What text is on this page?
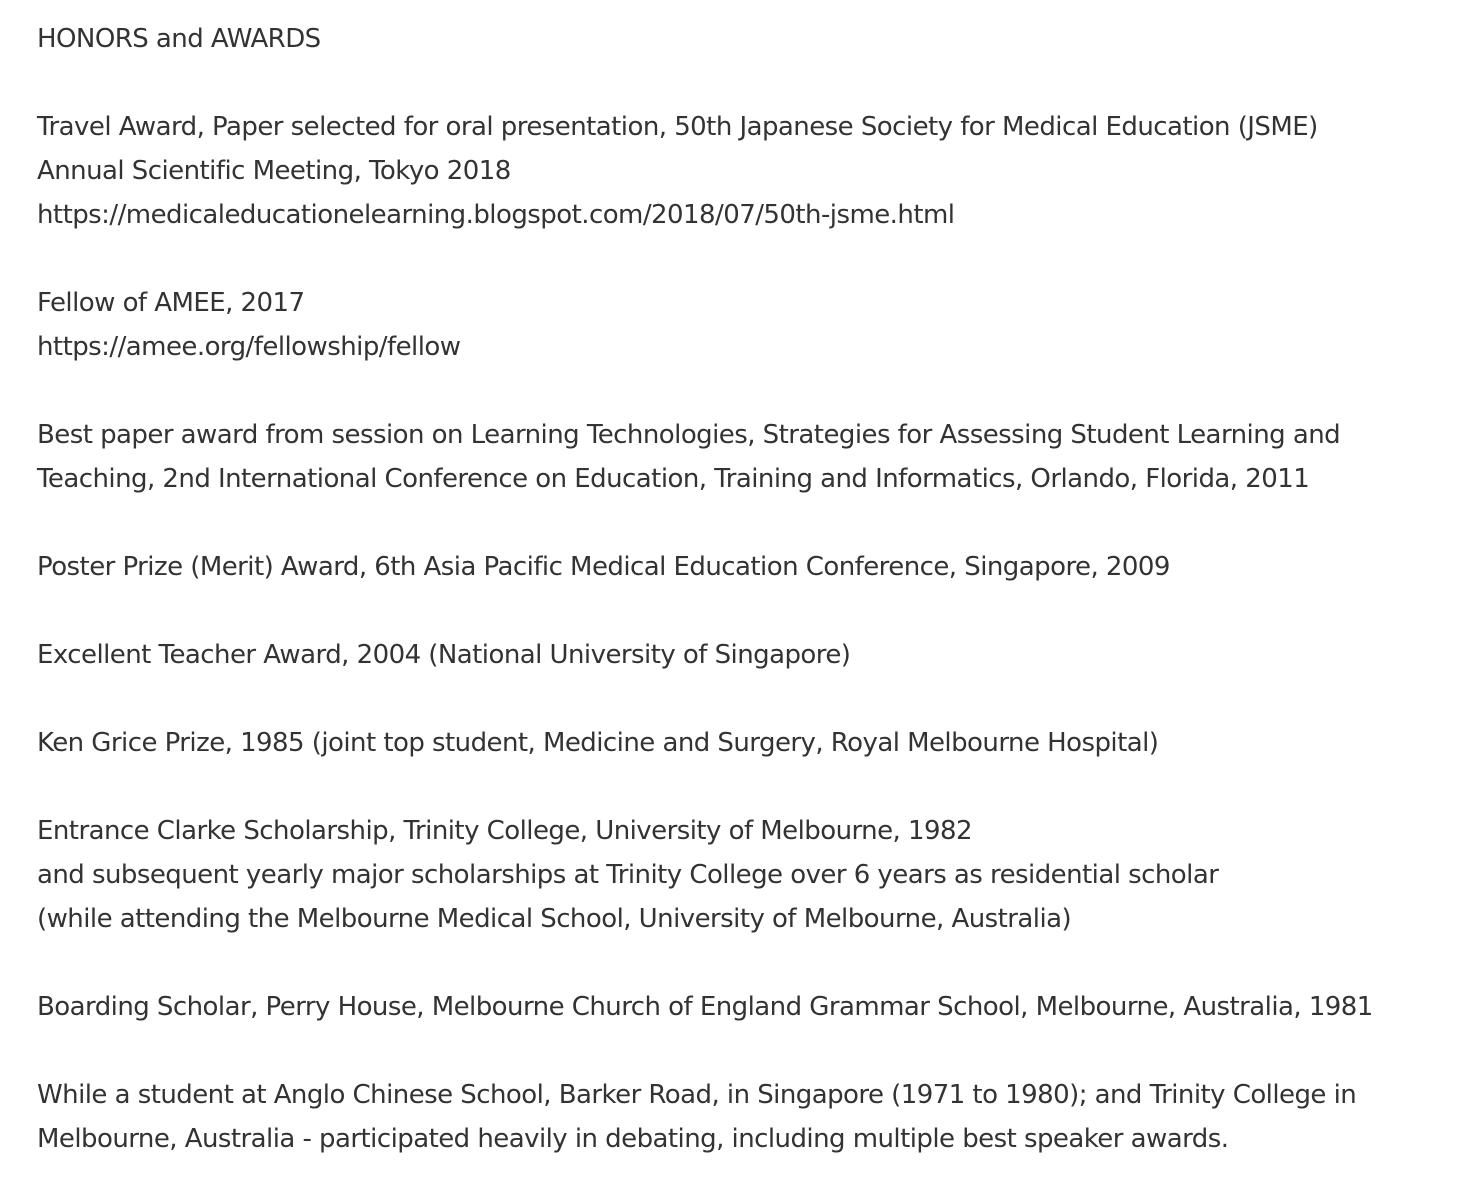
HONORS and AWARDS
Travel Award, Paper selected for oral presentation, 50th Japanese Society for Medical Education (JSME)
Annual Scientific Meeting, Tokyo 2018
https://medicaleducationelearning.blogspot.com/2018/07/50th-jsme.html
Fellow of AMEE, 2017
https://amee.org/fellowship/fellow
Best paper award from session on Learning Technologies, Strategies for Assessing Student Learning and
Teaching, 2nd International Conference on Education, Training and Informatics, Orlando, Florida, 2011
Poster Prize (Merit) Award, 6th Asia Pacific Medical Education Conference, Singapore, 2009
Excellent Teacher Award, 2004 (National University of Singapore)
Ken Grice Prize, 1985 (joint top student, Medicine and Surgery, Royal Melbourne Hospital)
Entrance Clarke Scholarship, Trinity College, University of Melbourne, 1982
and subsequent yearly major scholarships at Trinity College over 6 years as residential scholar
(while attending the Melbourne Medical School, University of Melbourne, Australia)
Boarding Scholar, Perry House, Melbourne Church of England Grammar School, Melbourne, Australia, 1981
While a student at Anglo Chinese School, Barker Road, in Singapore (1971 to 1980); and Trinity College in
Melbourne, Australia - participated heavily in debating, including multiple best speaker awards.
